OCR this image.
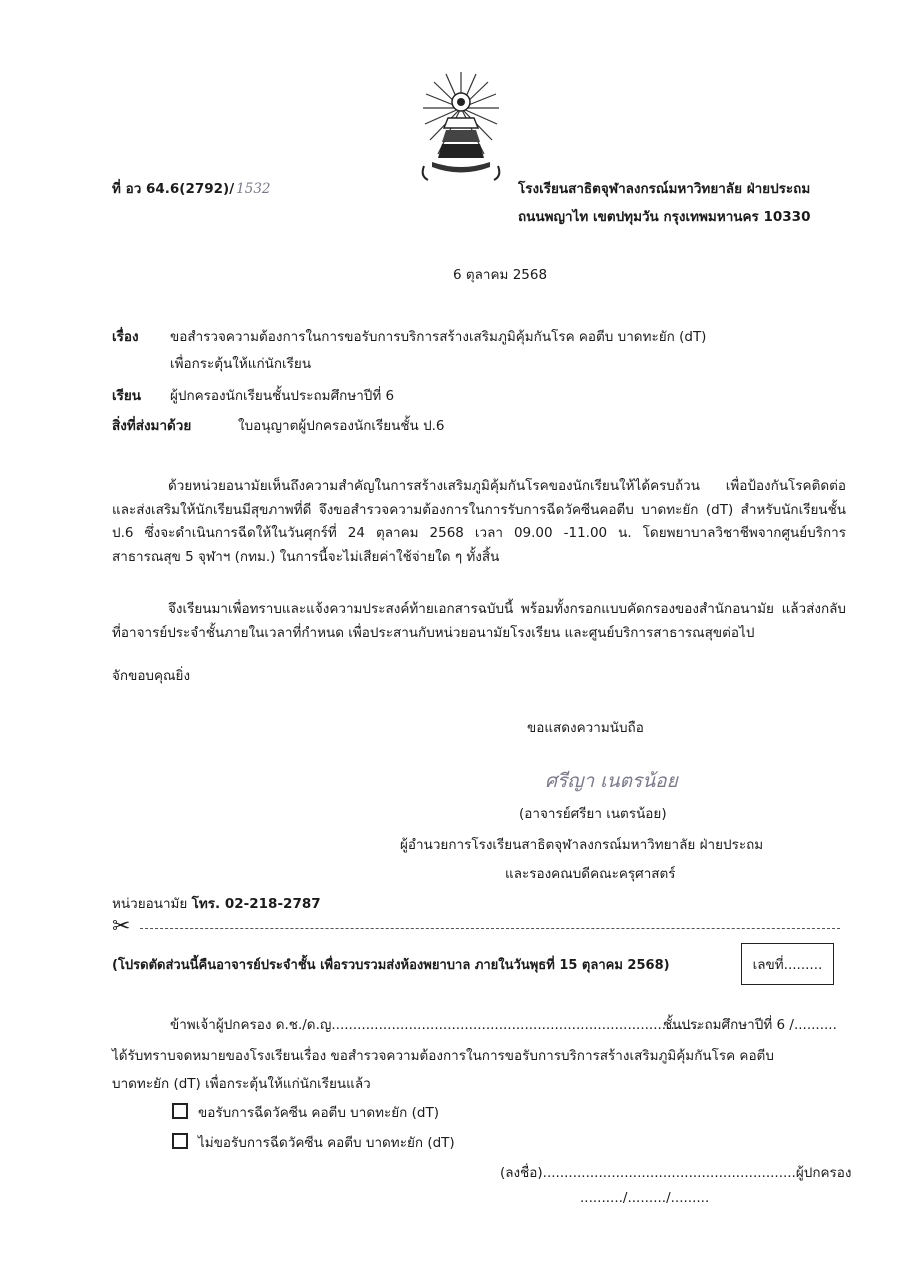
ที่ อว 64.6(2792)/ 1532	โรงเรียนสาธิตจุฬาลงกรณ์มหาวิทยาลัย ฝ่ายประถม
ถนนพญาไท เขตปทุมวัน กรุงเทพมหานคร 10330
6 ตุลาคม 2568
เรื่อง ขอสำรวจความต้องการในการขอรับการบริการสร้างเสริมภูมิคุ้มกันโรค คอตีบ บาดทะยัก (dT)
เพื่อกระตุ้นให้แก่นักเรียน
เรียน ผู้ปกครองนักเรียนชั้นประถมศึกษาปีที่ 6
สิ่งที่ส่งมาด้วย	ใบอนุญาตผู้ปกครองนักเรียนชั้น ป.6
ด้วยหน่วยอนามัยเห็นถึงความสำคัญในการสร้างเสริมภูมิคุ้มกันโรคของนักเรียนให้ได้ครบถ้วน เพื่อป้องกันโรคติดต่อและส่งเสริมให้นักเรียนมีสุขภาพที่ดี จึงขอสำรวจความต้องการในการรับการฉีดวัคซีนคอตีบ บาดทะยัก (dT) สำหรับนักเรียนชั้น ป.6 ซึ่งจะดำเนินการฉีดให้ในวันศุกร์ที่ 24 ตุลาคม 2568 เวลา 09.00 -11.00 น. โดยพยาบาลวิชาชีพจากศูนย์บริการสาธารณสุข 5 จุฬาฯ (กทม.) ในการนี้จะไม่เสียค่าใช้จ่ายใด ๆ ทั้งสิ้น
จึงเรียนมาเพื่อทราบและแจ้งความประสงค์ท้ายเอกสารฉบับนี้ พร้อมทั้งกรอกแบบคัดกรองของสำนักอนามัย แล้วส่งกลับที่อาจารย์ประจำชั้นภายในเวลาที่กำหนด เพื่อประสานกับหน่วยอนามัยโรงเรียน และศูนย์บริการสาธารณสุขต่อไป
จักขอบคุณยิ่ง
ขอแสดงความนับถือ
ศรีญา เนตรน้อย
(อาจารย์ศรียา เนตรน้อย)
ผู้อำนวยการโรงเรียนสาธิตจุฬาลงกรณ์มหาวิทยาลัย ฝ่ายประถม
และรองคณบดีคณะครุศาสตร์
หน่วยอนามัย โทร. 02-218-2787
✂
(โปรดตัดส่วนนี้คืนอาจารย์ประจำชั้น เพื่อรวบรวมส่งห้องพยาบาล ภายในวันพุธที่ 15 ตุลาคม 2568)	เลขที่.........
ข้าพเจ้าผู้ปกครอง ด.ช./ด.ญ......................................................................................
ชั้นประถมศึกษาปีที่ 6 /..........
ได้รับทราบจดหมายของโรงเรียนเรื่อง ขอสำรวจความต้องการในการขอรับการบริการสร้างเสริมภูมิคุ้มกันโรค คอตีบ
บาดทะยัก (dT) เพื่อกระตุ้นให้แก่นักเรียนแล้ว
ขอรับการฉีดวัคซีน คอตีบ บาดทะยัก (dT)
ไม่ขอรับการฉีดวัคซีน คอตีบ บาดทะยัก (dT)
(ลงชื่อ)...........................................................ผู้ปกครอง
........../........./.........
